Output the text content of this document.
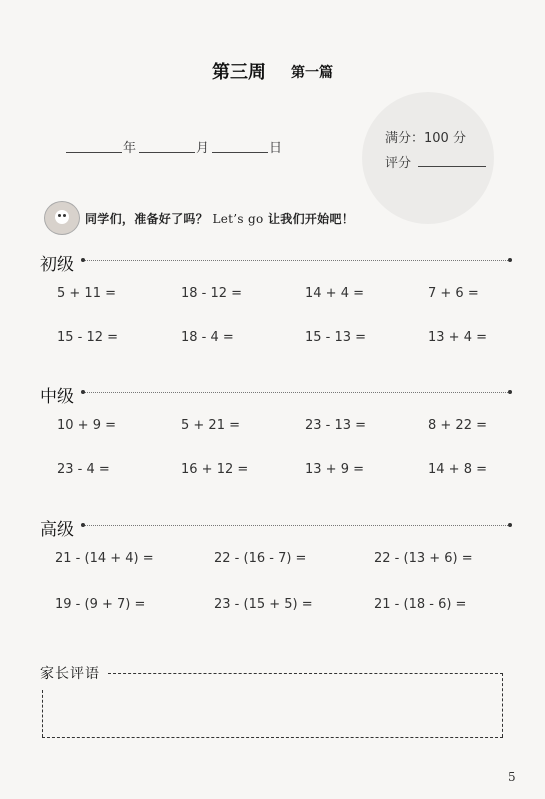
第三周 第一篇
年	月	日
满分：100 分
评分
同学们，准备好了吗？ Let’s go 让我们开始吧！
初级
5 + 11 =	18 - 12 =	14 + 4 =	7 + 6 =
15 - 12 =	18 - 4 =	15 - 13 =	13 + 4 =
中级
10 + 9 =	5 + 21 =	23 - 13 =	8 + 22 =
23 - 4 =	16 + 12 =	13 + 9 =	14 + 8 =
高级
21 - (14 + 4) =	22 - (16 - 7) =	22 - (13 + 6) =
19 - (9 + 7) =	23 - (15 + 5) =	21 - (18 - 6) =
家长评语
5
